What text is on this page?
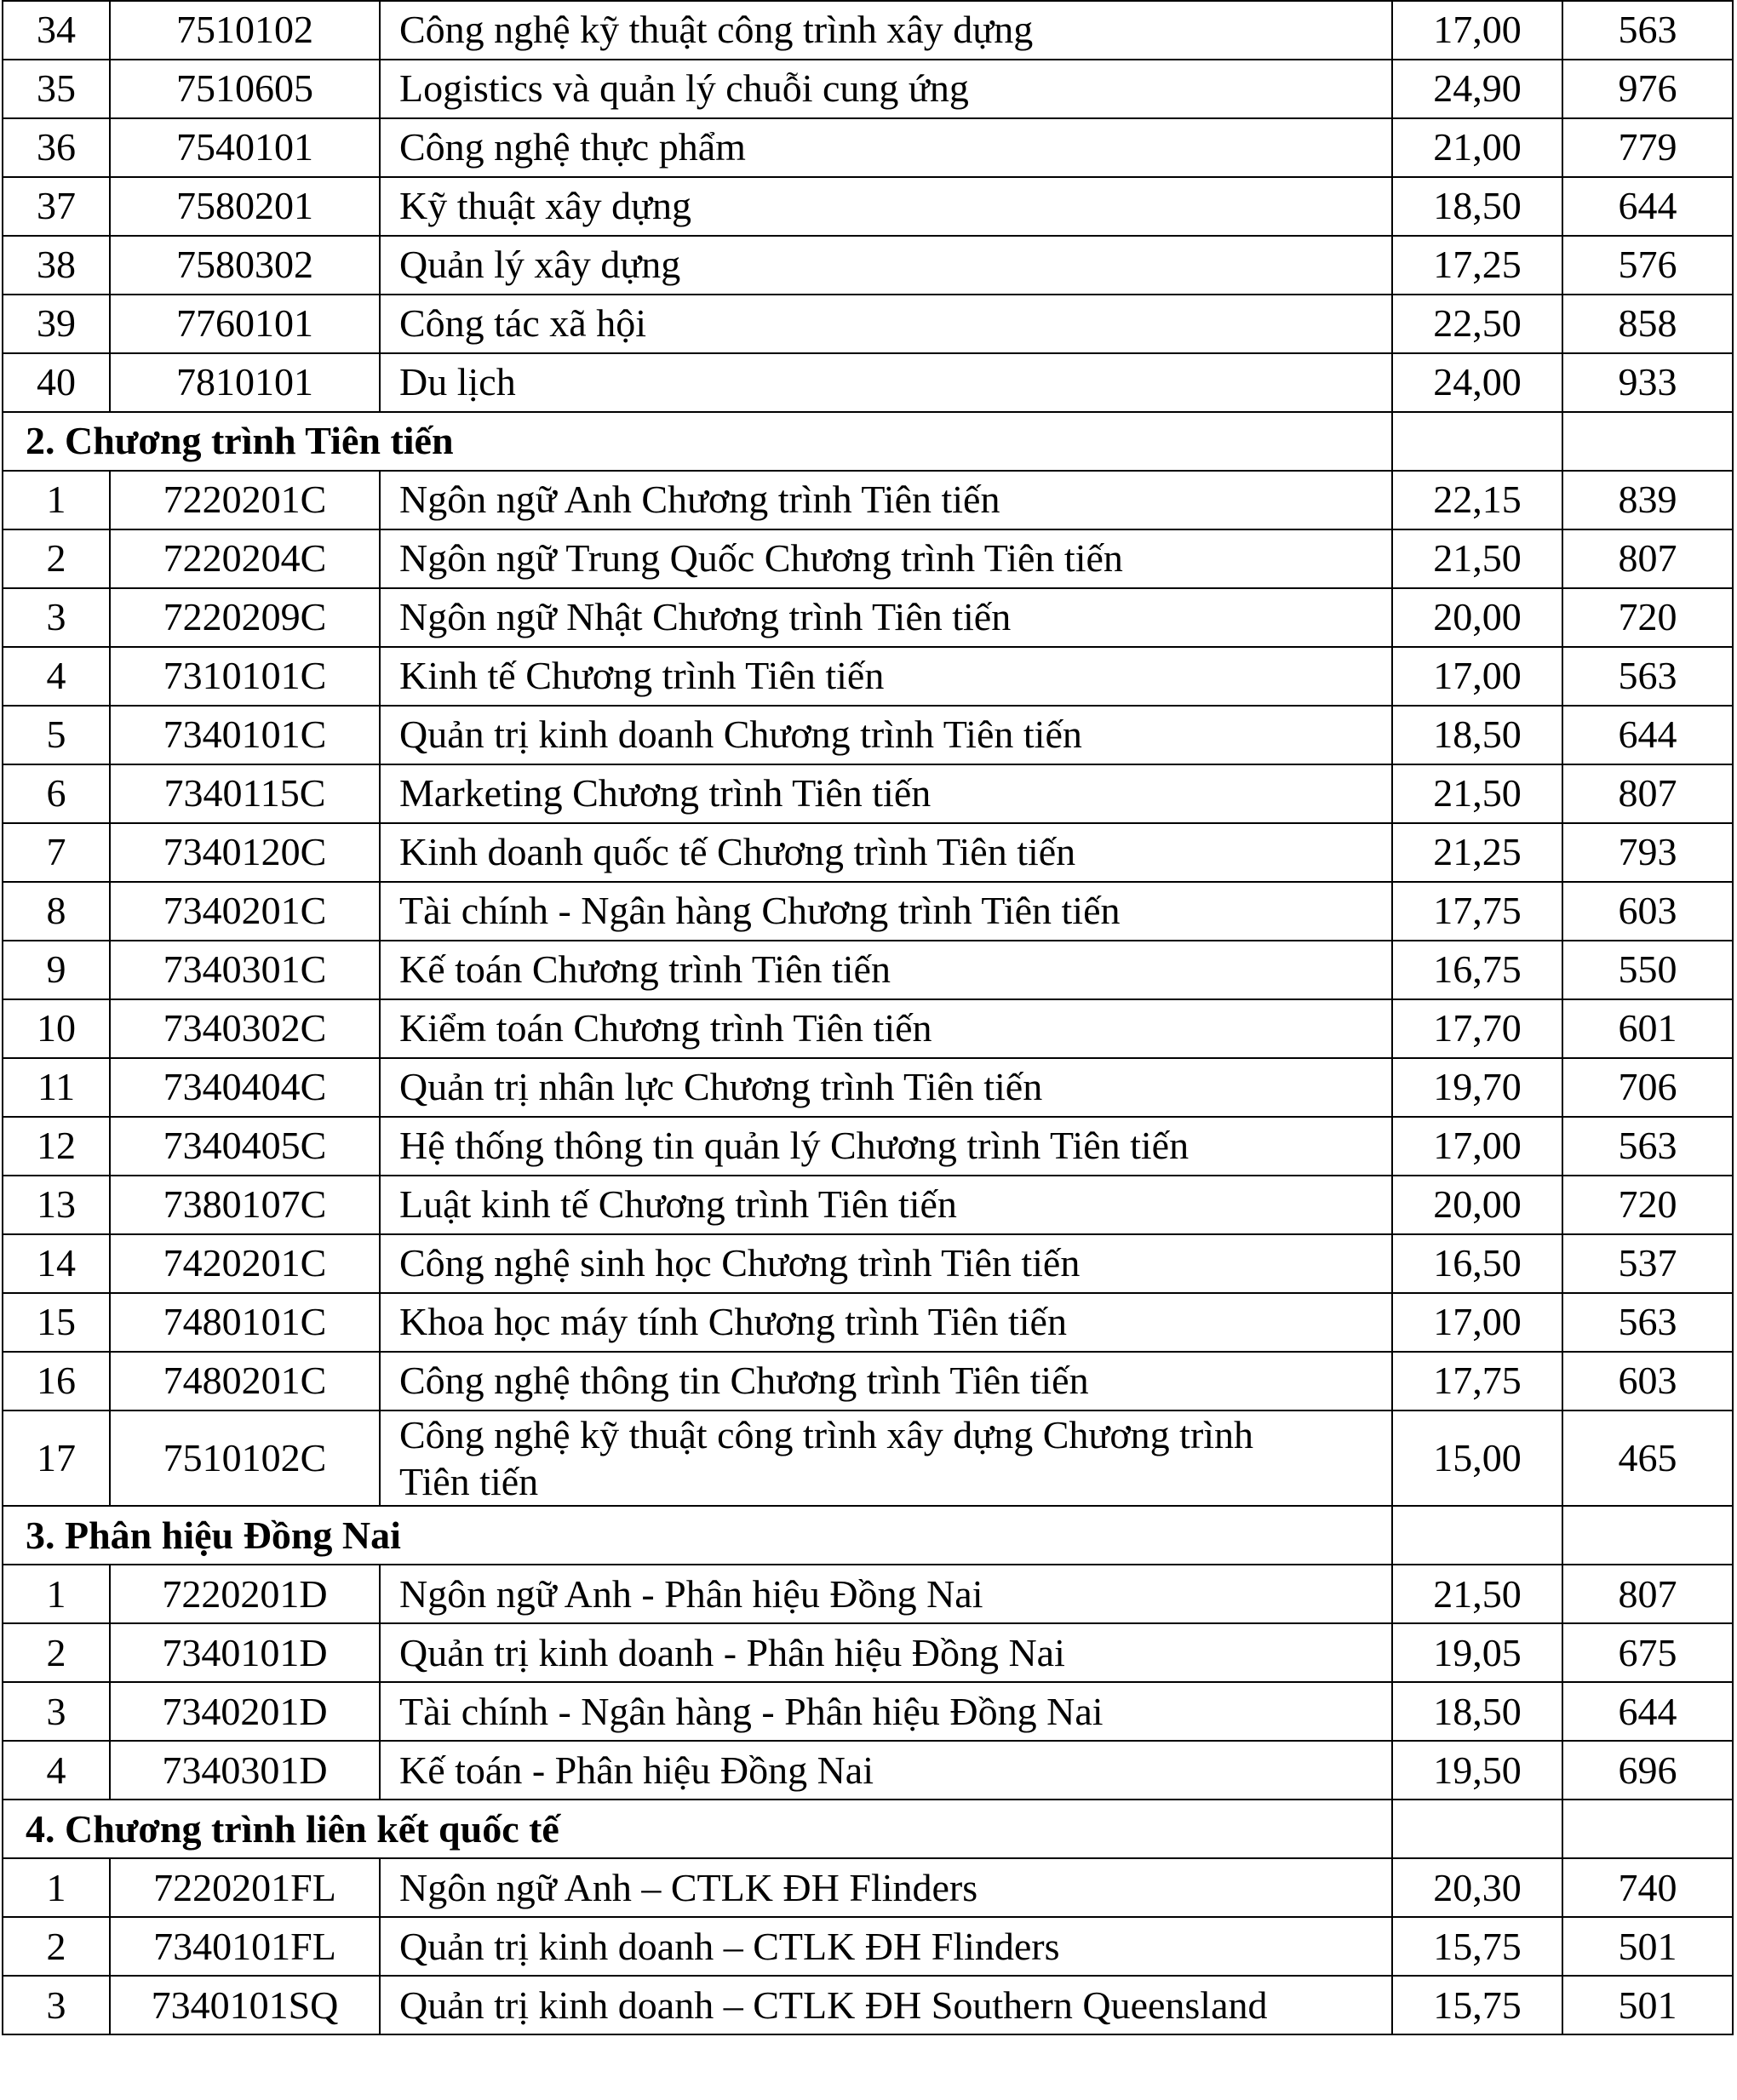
34	7510102	Công nghệ kỹ thuật công trình xây dựng	17,00	563
35	7510605	Logistics và quản lý chuỗi cung ứng	24,90	976
36	7540101	Công nghệ thực phẩm	21,00	779
37	7580201	Kỹ thuật xây dựng	18,50	644
38	7580302	Quản lý xây dựng	17,25	576
39	7760101	Công tác xã hội	22,50	858
40	7810101	Du lịch	24,00	933
2. Chương trình Tiên tiến				
1	7220201C	Ngôn ngữ Anh Chương trình Tiên tiến	22,15	839
2	7220204C	Ngôn ngữ Trung Quốc Chương trình Tiên tiến	21,50	807
3	7220209C	Ngôn ngữ Nhật Chương trình Tiên tiến	20,00	720
4	7310101C	Kinh tế Chương trình Tiên tiến	17,00	563
5	7340101C	Quản trị kinh doanh Chương trình Tiên tiến	18,50	644
6	7340115C	Marketing Chương trình Tiên tiến	21,50	807
7	7340120C	Kinh doanh quốc tế Chương trình Tiên tiến	21,25	793
8	7340201C	Tài chính - Ngân hàng Chương trình Tiên tiến	17,75	603
9	7340301C	Kế toán Chương trình Tiên tiến	16,75	550
10	7340302C	Kiểm toán Chương trình Tiên tiến	17,70	601
11	7340404C	Quản trị nhân lực Chương trình Tiên tiến	19,70	706
12	7340405C	Hệ thống thông tin quản lý Chương trình Tiên tiến	17,00	563
13	7380107C	Luật kinh tế Chương trình Tiên tiến	20,00	720
14	7420201C	Công nghệ sinh học Chương trình Tiên tiến	16,50	537
15	7480101C	Khoa học máy tính Chương trình Tiên tiến	17,00	563
16	7480201C	Công nghệ thông tin Chương trình Tiên tiến	17,75	603
17	7510102C	Công nghệ kỹ thuật công trình xây dựng Chương trình
Tiên tiến	15,00	465
3. Phân hiệu Đồng Nai				
1	7220201D	Ngôn ngữ Anh - Phân hiệu Đồng Nai	21,50	807
2	7340101D	Quản trị kinh doanh - Phân hiệu Đồng Nai	19,05	675
3	7340201D	Tài chính - Ngân hàng - Phân hiệu Đồng Nai	18,50	644
4	7340301D	Kế toán - Phân hiệu Đồng Nai	19,50	696
4. Chương trình liên kết quốc tế				
1	7220201FL	Ngôn ngữ Anh – CTLK ĐH Flinders	20,30	740
2	7340101FL	Quản trị kinh doanh – CTLK ĐH Flinders	15,75	501
3	7340101SQ	Quản trị kinh doanh – CTLK ĐH Southern Queensland	15,75	501
